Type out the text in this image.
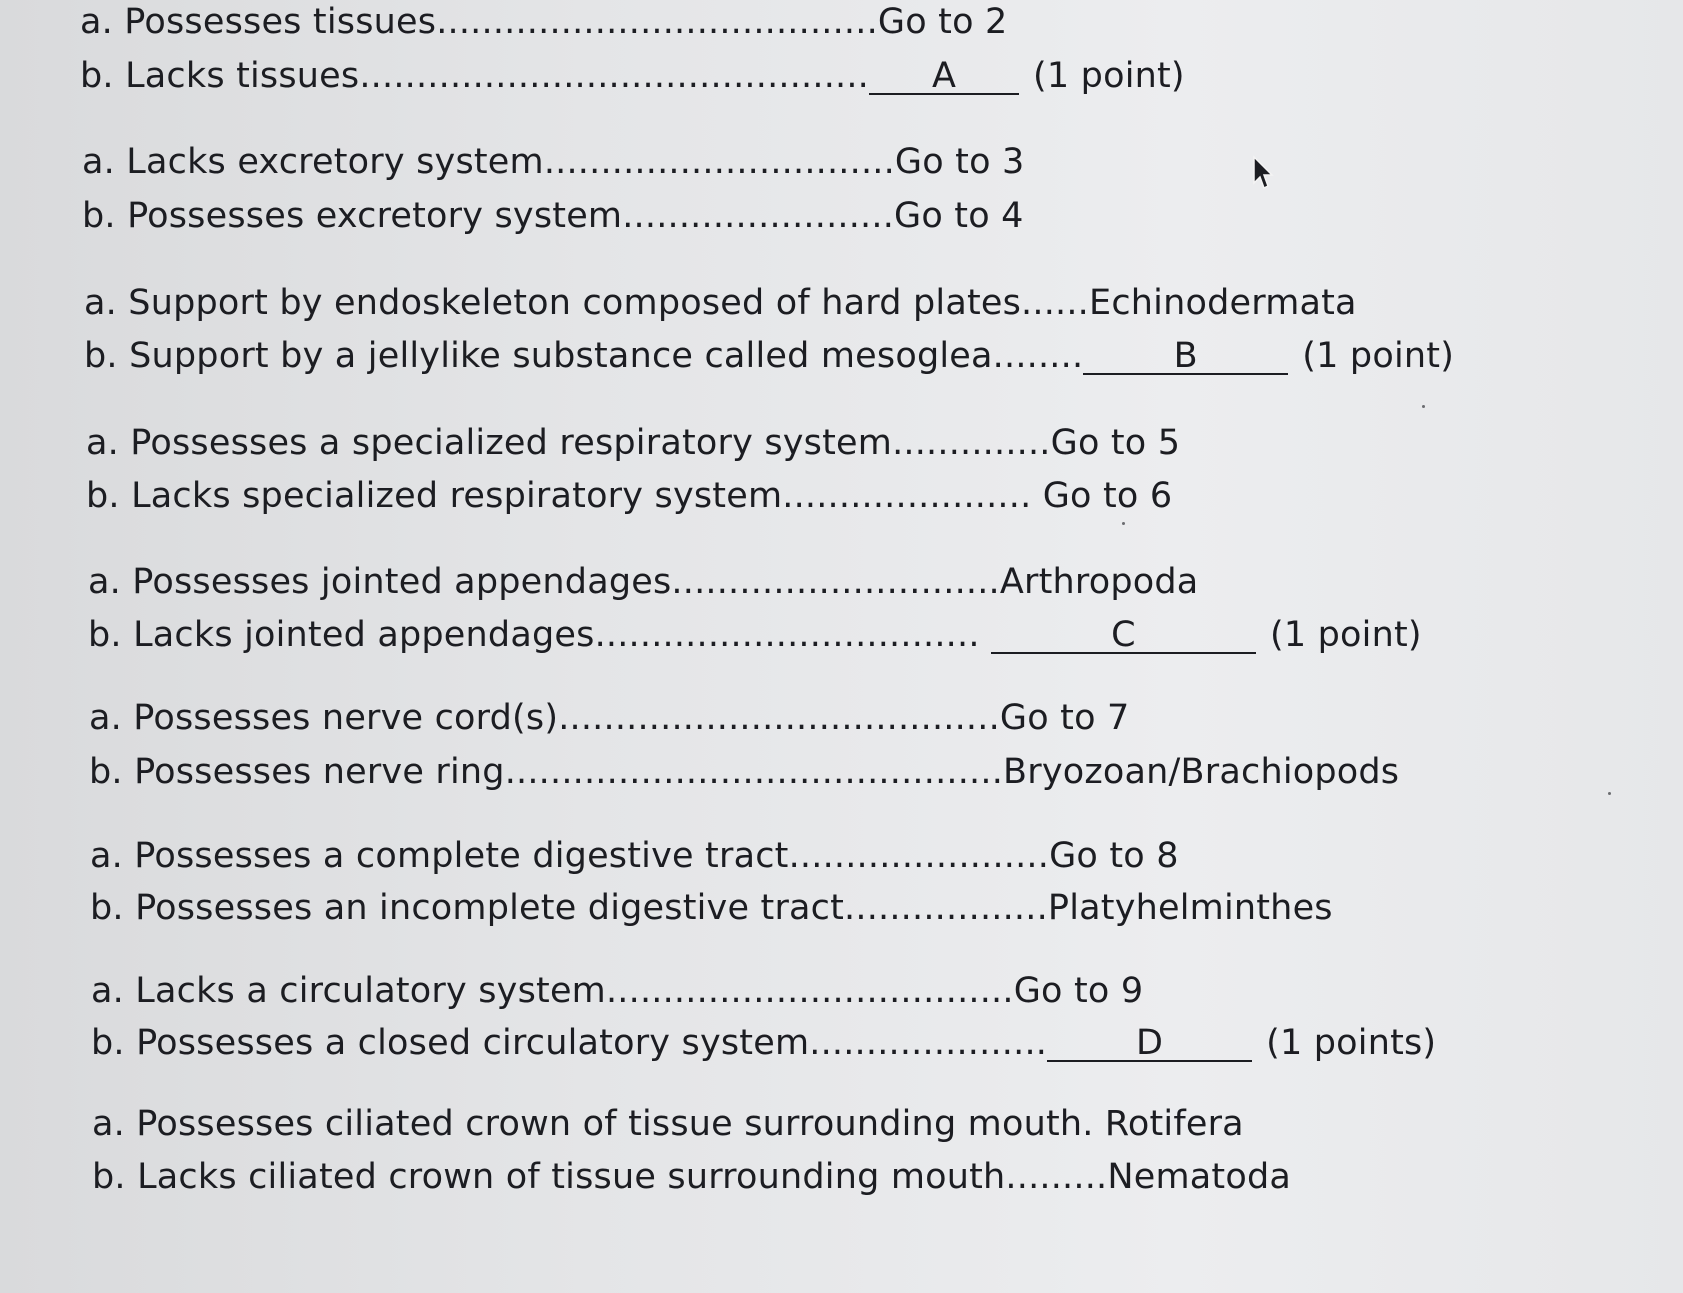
a. Possesses tissues.......................................Go to 2
b. Lacks tissues............................................. A (1 point)
a. Lacks excretory system...............................Go to 3
b. Possesses excretory system........................Go to 4
a. Support by endoskeleton composed of hard plates......Echinodermata
b. Support by a jellylike substance called mesoglea........	B	(1 point)
a. Possesses a specialized respiratory system..............Go to 5
b. Lacks specialized respiratory system...................... Go to 6
a. Possesses jointed appendages.............................Arthropoda
b. Lacks jointed appendages..................................	C	(1 point)
a. Possesses nerve cord(s).......................................Go to 7
b. Possesses nerve ring............................................Bryozoan/Brachiopods
a. Possesses a complete digestive tract.......................Go to 8
b. Possesses an incomplete digestive tract..................Platyhelminthes
a. Lacks a circulatory system....................................Go to 9
b. Possesses a closed circulatory system.....................	D	(1 points)
a. Possesses ciliated crown of tissue surrounding mouth. Rotifera
b. Lacks ciliated crown of tissue surrounding mouth.........Nematoda
